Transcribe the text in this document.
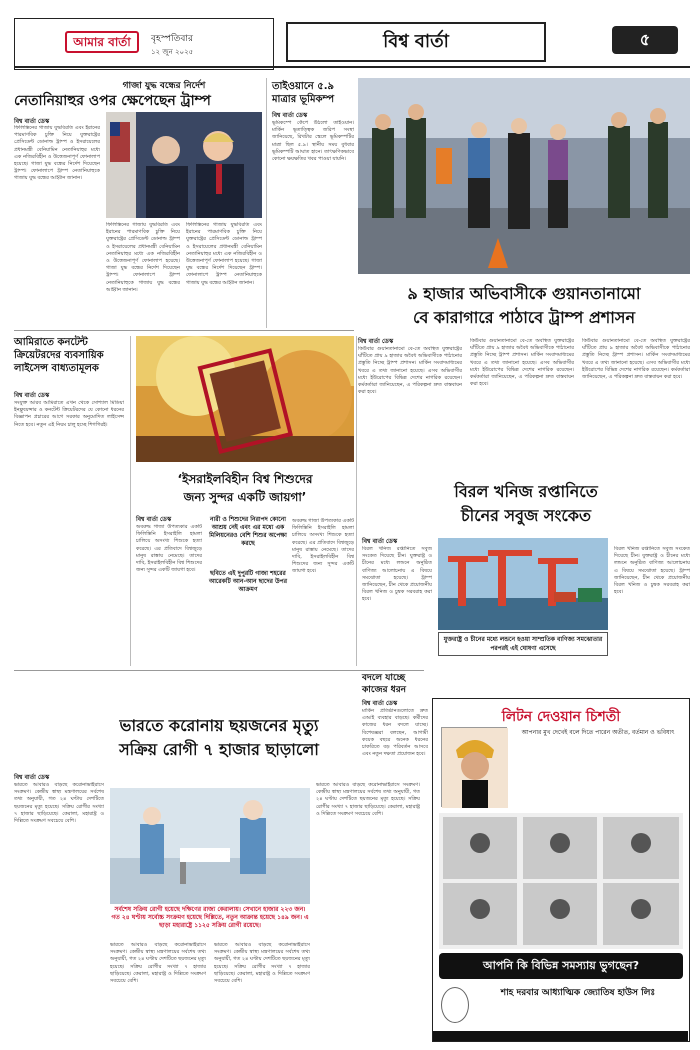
আমার বার্তা	বৃহস্পতিবার
১২ জুন ২০২৫	বিশ্ব বার্তা	৫
গাজা যুদ্ধ বন্ধের নির্দেশ
নেতানিয়াহুর ওপর ক্ষেপেছেন ট্রাম্প
বিশ্ব বার্তা ডেস্ক
ফিলিস্তিনের গাজায় যুদ্ধবিরতি এবং ইরানের পারমাণবিক চুক্তি নিয়ে যুক্তরাষ্ট্রের প্রেসিডেন্ট ডোনাল্ড ট্রাম্প ও ইসরায়েলের প্রধানমন্ত্রী বেনিয়ামিন নেতানিয়াহুর মধ্যে এক নজিরবিহীন ও উত্তেজনাপূর্ণ ফোনালাপ হয়েছে। গাজা যুদ্ধ বন্ধের নির্দেশ দিয়েছেন ট্রাম্প। ফোনালাপে ট্রাম্প নেতানিয়াহুকে গাজায় যুদ্ধ বন্ধের আহ্বান জানান।
ফিলিস্তিনের গাজায় যুদ্ধবিরতি এবং ইরানের পারমাণবিক চুক্তি নিয়ে যুক্তরাষ্ট্রের প্রেসিডেন্ট ডোনাল্ড ট্রাম্প ও ইসরায়েলের প্রধানমন্ত্রী বেনিয়ামিন নেতানিয়াহুর মধ্যে এক নজিরবিহীন ও উত্তেজনাপূর্ণ ফোনালাপ হয়েছে। গাজা যুদ্ধ বন্ধের নির্দেশ দিয়েছেন ট্রাম্প। ফোনালাপে ট্রাম্প নেতানিয়াহুকে গাজায় যুদ্ধ বন্ধের আহ্বান জানান।
ফিলিস্তিনের গাজায় যুদ্ধবিরতি এবং ইরানের পারমাণবিক চুক্তি নিয়ে যুক্তরাষ্ট্রের প্রেসিডেন্ট ডোনাল্ড ট্রাম্প ও ইসরায়েলের প্রধানমন্ত্রী বেনিয়ামিন নেতানিয়াহুর মধ্যে এক নজিরবিহীন ও উত্তেজনাপূর্ণ ফোনালাপ হয়েছে। গাজা যুদ্ধ বন্ধের নির্দেশ দিয়েছেন ট্রাম্প। ফোনালাপে ট্রাম্প নেতানিয়াহুকে গাজায় যুদ্ধ বন্ধের আহ্বান জানান।
তাইওয়ানে ৫.৯ মাত্রার ভূমিকম্প
বিশ্ব বার্তা ডেস্ক
ভূমিকম্পে কেঁপে উঠলো তাইওয়ান। মার্কিন ভূতাত্ত্বিক জরিপ সংস্থা জানিয়েছে, রিখটার স্কেলে ভূমিকম্পটির মাত্রা ছিল ৫.৯। স্থানীয় সময় বুধবার ভূমিকম্পটি আঘাত হানে। তাৎক্ষণিকভাবে কোনো ক্ষয়ক্ষতির খবর পাওয়া যায়নি।
৯ হাজার অভিবাসীকে গুয়ানতানামো
বে কারাগারে পাঠাবে ট্রাম্প প্রশাসন
বিশ্ব বার্তা ডেস্ক
কিউবার গুয়ানতানামো বে-তে অবস্থিত যুক্তরাষ্ট্রের ঘাঁটিতে প্রায় ৯ হাজার অবৈধ অভিবাসীকে পাঠানোর প্রস্তুতি নিচ্ছে ট্রাম্প প্রশাসন। মার্কিন সংবাদমাধ্যমের খবরে এ তথ্য জানানো হয়েছে। এসব অভিবাসীর মধ্যে ইউরোপের বিভিন্ন দেশের নাগরিক রয়েছেন। কর্মকর্তারা জানিয়েছেন, এ পরিকল্পনা দ্রুত বাস্তবায়ন করা হবে।
কিউবার গুয়ানতানামো বে-তে অবস্থিত যুক্তরাষ্ট্রের ঘাঁটিতে প্রায় ৯ হাজার অবৈধ অভিবাসীকে পাঠানোর প্রস্তুতি নিচ্ছে ট্রাম্প প্রশাসন। মার্কিন সংবাদমাধ্যমের খবরে এ তথ্য জানানো হয়েছে। এসব অভিবাসীর মধ্যে ইউরোপের বিভিন্ন দেশের নাগরিক রয়েছেন। কর্মকর্তারা জানিয়েছেন, এ পরিকল্পনা দ্রুত বাস্তবায়ন করা হবে।
কিউবার গুয়ানতানামো বে-তে অবস্থিত যুক্তরাষ্ট্রের ঘাঁটিতে প্রায় ৯ হাজার অবৈধ অভিবাসীকে পাঠানোর প্রস্তুতি নিচ্ছে ট্রাম্প প্রশাসন। মার্কিন সংবাদমাধ্যমের খবরে এ তথ্য জানানো হয়েছে। এসব অভিবাসীর মধ্যে ইউরোপের বিভিন্ন দেশের নাগরিক রয়েছেন। কর্মকর্তারা জানিয়েছেন, এ পরিকল্পনা দ্রুত বাস্তবায়ন করা হবে।
আমিরাতে কনটেন্ট ক্রিয়েটরদের ব্যবসায়িক লাইসেন্স বাধ্যতামূলক
বিশ্ব বার্তা ডেস্ক
সংযুক্ত আরব আমিরাতে এখন থেকে সোশ্যাল মিডিয়া ইনফ্লুয়েন্সার ও কনটেন্ট ক্রিয়েটরদের যে কোনো ধরনের বিজ্ঞাপন প্রচারের আগে সরকার অনুমোদিত লাইসেন্স নিতে হবে। নতুন এই নিয়ম চালু হচ্ছে শিগগিরই।
‘ইসরাইলবিহীন বিশ্ব শিশুদের
জন্য সুন্দর একটি জায়গা’
বিশ্ব বার্তা ডেস্ক
অবরুদ্ধ গাজা উপত্যকার একটি ফিলিস্তিনি ইসরাইলি হামলা চালিয়ে অসংখ্য শিশুকে হত্যা করেছে। এর প্রতিবাদে বিশ্বজুড়ে মানুষ রাস্তায় নেমেছে। তাদের দাবি, ইসরাইলবিহীন বিশ্ব শিশুদের জন্য সুন্দর একটি জায়গা হবে।
নারী ও শিশুদের নিরাপদ কোনো আশ্রয় নেই এবং এর মধ্যে এক মিলিয়নেরও বেশি শিশুর অপেক্ষা করছে
ছবিতে এই দুপুরটি গাজা শহরের আরেকটি আন-আন ছাদের উপর আক্রমণ
অবরুদ্ধ গাজা উপত্যকার একটি ফিলিস্তিনি ইসরাইলি হামলা চালিয়ে অসংখ্য শিশুকে হত্যা করেছে। এর প্রতিবাদে বিশ্বজুড়ে মানুষ রাস্তায় নেমেছে। তাদের দাবি, ইসরাইলবিহীন বিশ্ব শিশুদের জন্য সুন্দর একটি জায়গা হবে।
বিরল খনিজ রপ্তানিতে
চীনের সবুজ সংকেত
বিশ্ব বার্তা ডেস্ক
বিরল খনিজ রপ্তানিতে সবুজ সংকেত দিয়েছে চীন। যুক্তরাষ্ট্র ও চীনের মধ্যে লন্ডনে অনুষ্ঠিত বাণিজ্য আলোচনায় এ বিষয়ে সমঝোতা হয়েছে। ট্রাম্প জানিয়েছেন, চীন থেকে প্রয়োজনীয় বিরল খনিজ ও চুম্বক সরবরাহ করা হবে।
যুক্তরাষ্ট্র ও চীনের মধ্যে লন্ডনে হওয়া সাম্প্রতিক বাণিজ্য সমঝোতার পরপরই এই ঘোষণা এসেছে
বিরল খনিজ রপ্তানিতে সবুজ সংকেত দিয়েছে চীন। যুক্তরাষ্ট্র ও চীনের মধ্যে লন্ডনে অনুষ্ঠিত বাণিজ্য আলোচনায় এ বিষয়ে সমঝোতা হয়েছে। ট্রাম্প জানিয়েছেন, চীন থেকে প্রয়োজনীয় বিরল খনিজ ও চুম্বক সরবরাহ করা হবে।
ভারতে করোনায় ছয়জনের মৃত্যু
সক্রিয় রোগী ৭ হাজার ছাড়ালো
বিশ্ব বার্তা ডেস্ক
ভারতে আবারও বাড়ছে করোনাভাইরাসে সংক্রমণ। কেন্দ্রীয় স্বাস্থ্য মন্ত্রণালয়ের সর্বশেষ তথ্য অনুযায়ী, গত ২৪ ঘণ্টায় দেশটিতে ছয়জনের মৃত্যু হয়েছে। সক্রিয় রোগীর সংখ্যা ৭ হাজার ছাড়িয়েছে। কেরালা, মহারাষ্ট্র ও দিল্লিতে সংক্রমণ সবচেয়ে বেশি।
সর্বশেষ সক্রিয় রোগী হয়েছে দক্ষিণের রাজ্য কেরালায়। সেখানে হাজার ২২৩ জন। গত ২৪ ঘণ্টায় সর্বোচ্চ সংক্রমণ হয়েছে দিল্লিতে, নতুন আক্রান্ত হয়েছে ১৪৯ জন। এ ছাড়া মহারাষ্ট্রে ১১২৫ সক্রিয় রোগী রয়েছে।
ভারতে আবারও বাড়ছে করোনাভাইরাসে সংক্রমণ। কেন্দ্রীয় স্বাস্থ্য মন্ত্রণালয়ের সর্বশেষ তথ্য অনুযায়ী, গত ২৪ ঘণ্টায় দেশটিতে ছয়জনের মৃত্যু হয়েছে। সক্রিয় রোগীর সংখ্যা ৭ হাজার ছাড়িয়েছে। কেরালা, মহারাষ্ট্র ও দিল্লিতে সংক্রমণ সবচেয়ে বেশি।
ভারতে আবারও বাড়ছে করোনাভাইরাসে সংক্রমণ। কেন্দ্রীয় স্বাস্থ্য মন্ত্রণালয়ের সর্বশেষ তথ্য অনুযায়ী, গত ২৪ ঘণ্টায় দেশটিতে ছয়জনের মৃত্যু হয়েছে। সক্রিয় রোগীর সংখ্যা ৭ হাজার ছাড়িয়েছে। কেরালা, মহারাষ্ট্র ও দিল্লিতে সংক্রমণ সবচেয়ে বেশি।
ভারতে আবারও বাড়ছে করোনাভাইরাসে সংক্রমণ। কেন্দ্রীয় স্বাস্থ্য মন্ত্রণালয়ের সর্বশেষ তথ্য অনুযায়ী, গত ২৪ ঘণ্টায় দেশটিতে ছয়জনের মৃত্যু হয়েছে। সক্রিয় রোগীর সংখ্যা ৭ হাজার ছাড়িয়েছে। কেরালা, মহারাষ্ট্র ও দিল্লিতে সংক্রমণ সবচেয়ে বেশি।
বদলে যাচ্ছে কাজের ধরন
বিশ্ব বার্তা ডেস্ক
মার্কিন প্রতিষ্ঠানগুলোতে দ্রুত এআই ব্যবহার বাড়ছে। কর্মীদের কাজের ধরন বদলে যাচ্ছে। বিশেষজ্ঞরা বলছেন, আগামী কয়েক বছরে অনেক ধরনের চাকরিতে বড় পরিবর্তন আসবে এবং নতুন দক্ষতা প্রয়োজন হবে।
লিটন দেওয়ান চিশতী
আপনার মুখ দেখেই বলে দিতে পারেন অতীত, বর্তমান ও ভবিষ্যৎ
আপনি কি বিভিন্ন সমস্যায় ভুগছেন?
শাহ দরবার আধ্যাত্মিক জ্যোতিষ হাউস লিঃ
